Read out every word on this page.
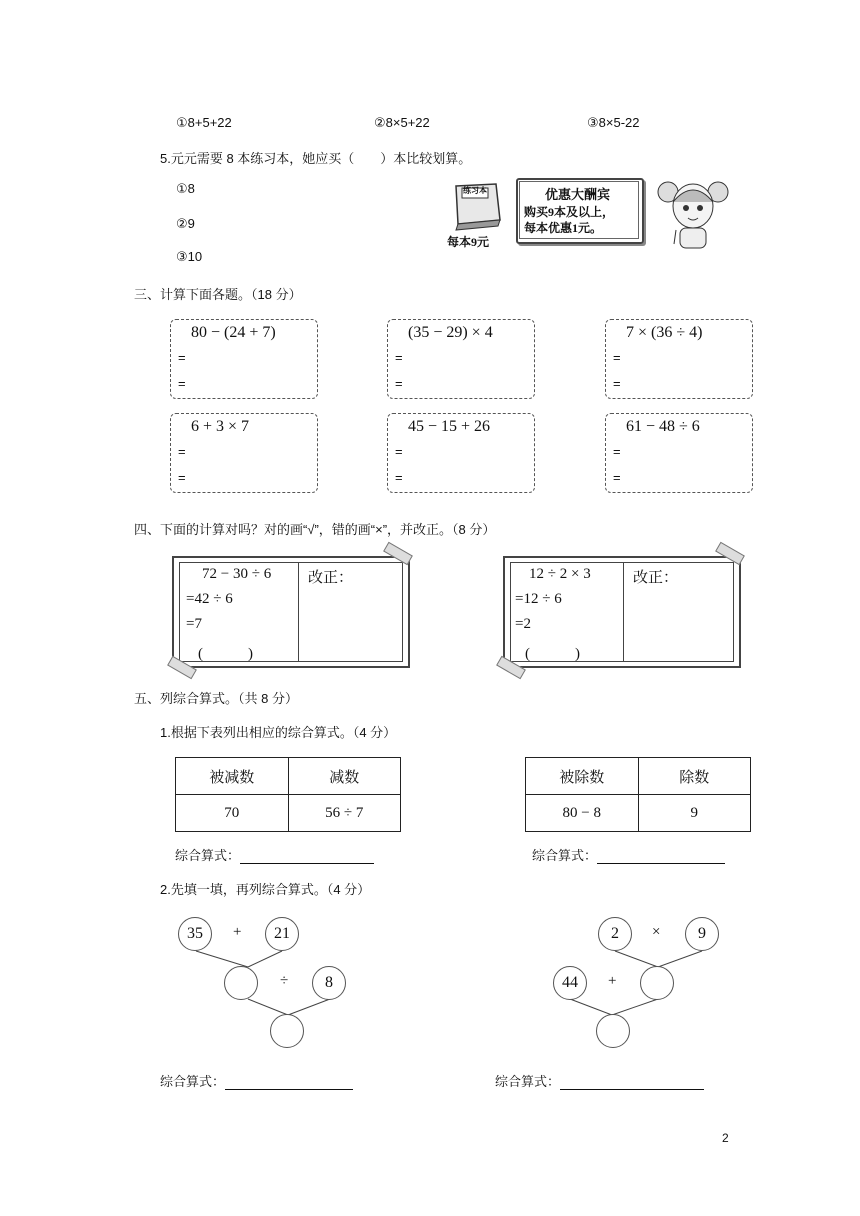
①8+5+22	②8×5+22	③8×5-22
5.元元需要 8 本练习本，她应买（　　）本比较划算。
①8
②9
③10
练习本
每本9元
优惠大酬宾
购买9本及以上，
每本优惠1元。
三、计算下面各题。（18 分）
80 − (24 + 7)
=
=
(35 − 29) × 4
=
=
7 × (36 ÷ 4)
=
=
6 + 3 × 7
=
=
45 − 15 + 26
=
=
61 − 48 ÷ 6
=
=
四、下面的计算对吗？对的画“√”，错的画“×”，并改正。（8 分）
72 − 30 ÷ 6
=42 ÷ 6
=7
(　　　)
改正：	12 ÷ 2 × 3
=12 ÷ 6
=2
(　　　)
改正：
五、列综合算式。（共 8 分）
1.根据下表列出相应的综合算式。（4 分）
被减数	减数
70	56 ÷ 7
被除数	除数
80 − 8	9
综合算式：	综合算式：
2.先填一填，再列综合算式。（4 分）
35	+	21
÷	8
2	×	9
44	+
综合算式：	综合算式：
2
